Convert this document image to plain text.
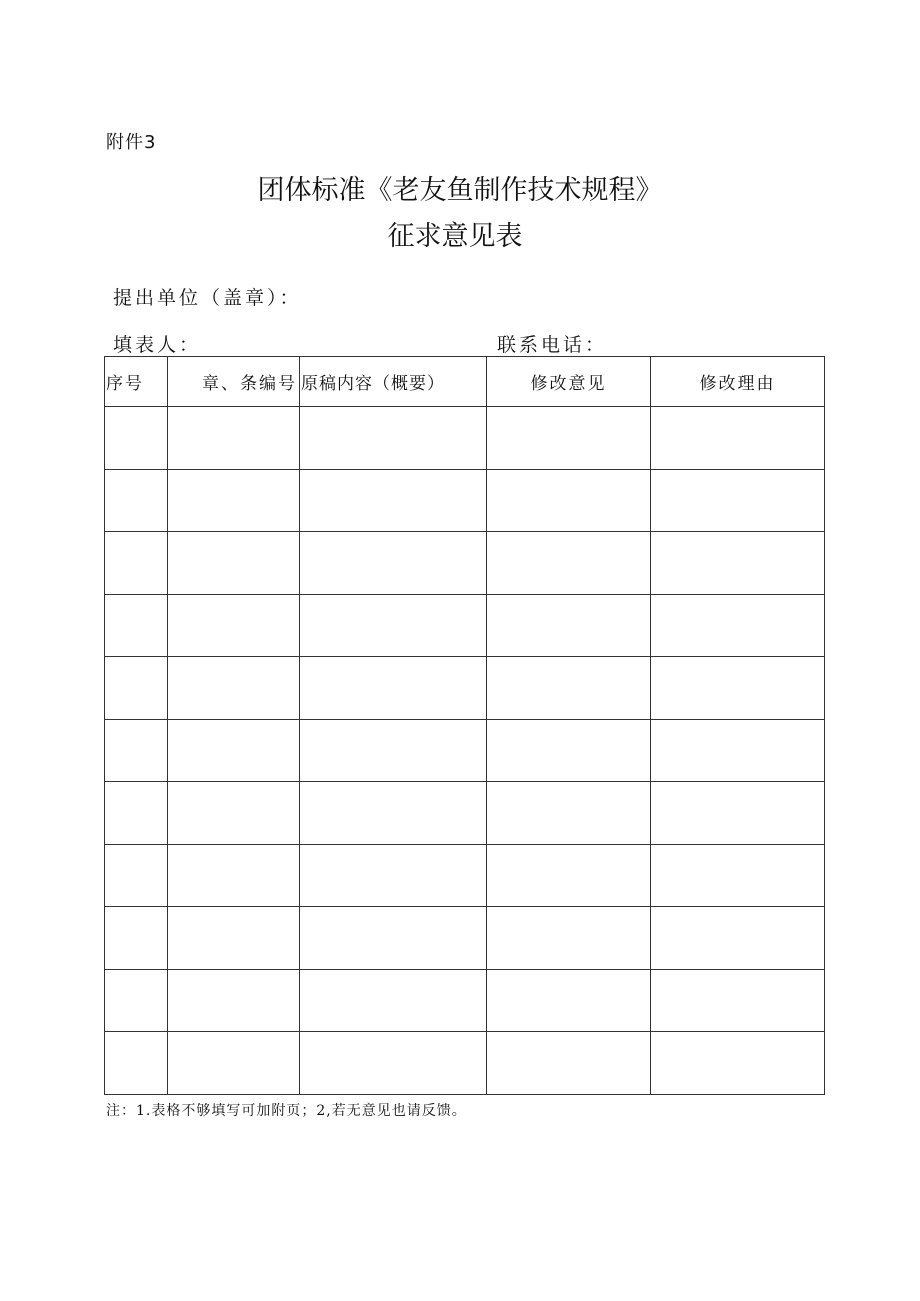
附件3
团体标准《老友鱼制作技术规程》
征求意见表
提出单位（盖章）：
填表人：	联系电话：
序号	章、条编号	原稿内容（概要）	修改意见	修改理由

注：1.表格不够填写可加附页；2,若无意见也请反馈。
